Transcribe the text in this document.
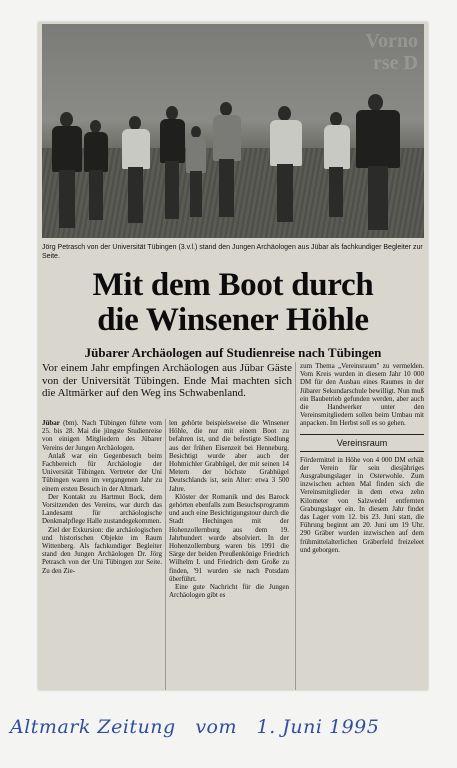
Vorno
rse D
Jörg Petrasch von der Universität Tübingen (3.v.l.) stand den Jungen Archäologen aus Jübar als fachkundiger Begleiter zur Seite.
Mit dem Boot durch
die Winsener Höhle
Jübarer Archäologen auf Studienreise nach Tübingen
Vor einem Jahr empfingen Archäologen aus Jübar Gäste von der Universität Tübingen. Ende Mai machten sich die Altmärker auf den Weg ins Schwabenland.

Jübar (bm). Nach Tübingen führte vom 25. bis 28. Mai die jüngste Studienreise von einigen Mitgliedern des Jübarer Vereins der Jungen Archäologen.

Anlaß war ein Gegenbesuch beim Fachbereich für Archäologie der Universität Tübingen. Vertreter der Uni Tübingen waren im vergangenen Jahr zu einem ersten Besuch in der Altmark.

Der Kontakt zu Hartmut Bock, dem Vorsitzenden des Vereins, war durch das Landesamt für archäologische Denkmalpflege Halle zustandegekommen.

Ziel der Exkursion: die archäologischen und historischen Objekte im Raum Wittenberg. Als fachkundiger Begleiter stand den Jungen Archäologen Dr. Jörg Petrasch von der Uni Tübingen zur Seite. Zu den Zie-

len gehörte beispielsweise die Winsener Höhle, die nur mit einem Boot zu befahren ist, und die befestigte Siedlung aus der frühen Eisenzeit bei Henneburg. Besichtigt wurde aber auch der Hohmichler Grabhügel, der mit seinen 14 Metern der höchste Grabhügel Deutschlands ist, sein Alter: etwa 3 500 Jahre.

Klöster der Romanik und des Barock gehörten ebenfalls zum Besuchsprogramm und auch eine Besichtigungstour durch die Stadt Hechingen mit der Hohenzollernburg aus dem 19. Jahrhundert wurde absolviert. In der Hohenzollernburg waren bis 1991 die Särge der beiden Preußenkönige Friedrich Wilhelm I. und Friedrich dem Große zu finden, '91 wurden sie nach Potsdam überführt.

Eine gute Nachricht für die Jungen Archäologen gibt es

zum Thema „Vereinsraum" zu vermelden. Vom Kreis wurden in diesem Jahr 10 000 DM für den Ausbau eines Raumes in der Jübarer Sekundarschule bewilligt. Nun muß ein Baubetrieb gefunden werden, aber auch die Handwerker unter den Vereinsmitgliedern sollen beim Umbau mit anpacken. Im Herbst soll es so gehen.

Vereinsraum

Fördermittel in Höhe von 4 000 DM erhält der Verein für sein diesjähriges Ausgrabungslager in Osterwohle. Zum inzwischen achten Mal finden sich die Vereinsmitglieder in dem etwa zehn Kilometer von Salzwedel entfernten Grabungslager ein. In diesem Jahr findet das Lager vom 12. bis 23. Juni statt, die Führung beginnt am 20. Juni um 19 Uhr. 290 Gräber wurden inzwischen auf dem frühmittelalterlichen Gräberfeld freizeleet und geborgen.

Altmark Zeitung   vom   1. Juni 1995
